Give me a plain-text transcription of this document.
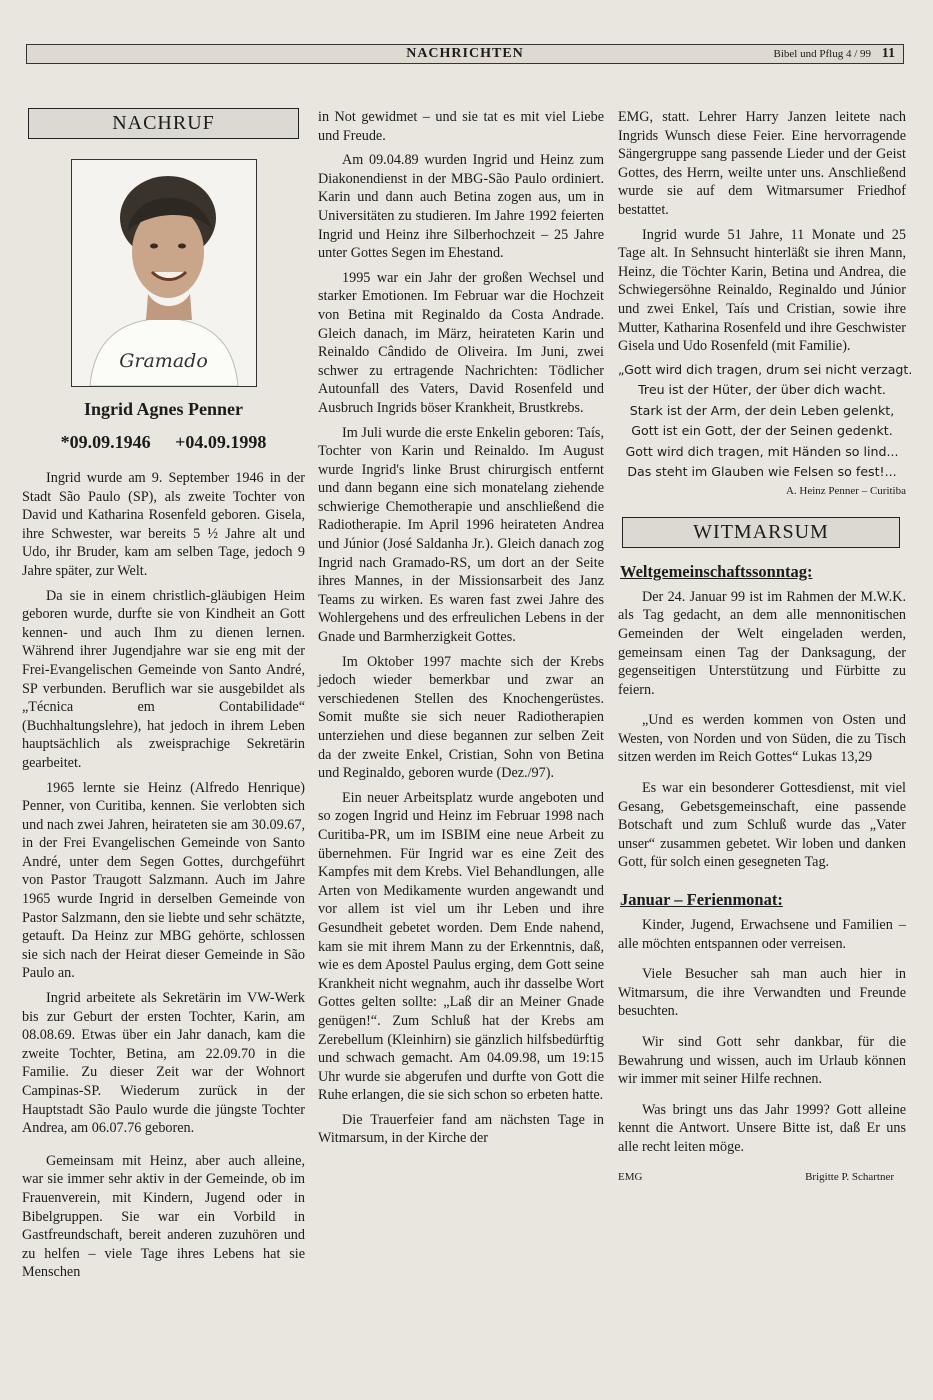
NACHRICHTEN	Bibel und Pflug 4 / 99 11
NACHRUF
Gramado
Ingrid Agnes Penner
*09.09.1946 +04.09.1998

Ingrid wurde am 9. September 1946 in der Stadt São Paulo (SP), als zweite Tochter von David und Katharina Rosenfeld geboren. Gisela, ihre Schwester, war bereits 5 ½ Jahre alt und Udo, ihr Bruder, kam am selben Tage, jedoch 9 Jahre später, zur Welt.

Da sie in einem christlich-gläubigen Heim geboren wurde, durfte sie von Kindheit an Gott kennen- und auch Ihm zu dienen lernen. Während ihrer Jugendjahre war sie eng mit der Frei-Evangelischen Gemeinde von Santo André, SP verbunden. Beruflich war sie ausgebildet als „Técnica em Contabilidade“ (Buchhaltungslehre), hat jedoch in ihrem Leben hauptsächlich als zweisprachige Sekretärin gearbeitet.

1965 lernte sie Heinz (Alfredo Henrique) Penner, von Curitiba, kennen. Sie verlobten sich und nach zwei Jahren, heirateten sie am 30.09.67, in der Frei Evangelischen Gemeinde von Santo André, unter dem Segen Gottes, durchgeführt von Pastor Traugott Salzmann. Auch im Jahre 1965 wurde Ingrid in derselben Gemeinde von Pastor Salzmann, den sie liebte und sehr schätzte, getauft. Da Heinz zur MBG gehörte, schlossen sie sich nach der Heirat dieser Gemeinde in São Paulo an.

Ingrid arbeitete als Sekretärin im VW-Werk bis zur Geburt der ersten Tochter, Karin, am 08.08.69. Etwas über ein Jahr danach, kam die zweite Tochter, Betina, am 22.09.70 in die Familie. Zu dieser Zeit war der Wohnort Campinas-SP. Wiederum zurück in der Hauptstadt São Paulo wurde die jüngste Tochter Andrea, am 06.07.76 geboren.

Gemeinsam mit Heinz, aber auch alleine, war sie immer sehr aktiv in der Gemeinde, ob im Frauenverein, mit Kindern, Jugend oder in Bibelgruppen. Sie war ein Vorbild in Gastfreundschaft, bereit anderen zuzuhören und zu helfen – viele Tage ihres Lebens hat sie Menschen

in Not gewidmet – und sie tat es mit viel Liebe und Freude.

Am 09.04.89 wurden Ingrid und Heinz zum Diakonendienst in der MBG-São Paulo ordiniert. Karin und dann auch Betina zogen aus, um in Universitäten zu studieren. Im Jahre 1992 feierten Ingrid und Heinz ihre Silberhochzeit – 25 Jahre unter Gottes Segen im Ehestand.

1995 war ein Jahr der großen Wechsel und starker Emotionen. Im Februar war die Hochzeit von Betina mit Reginaldo da Costa Andrade. Gleich danach, im März, heirateten Karin und Reinaldo Cândido de Oliveira. Im Juni, zwei schwer zu ertragende Nachrichten: Tödlicher Autounfall des Vaters, David Rosenfeld und Ausbruch Ingrids böser Krankheit, Brustkrebs.

Im Juli wurde die erste Enkelin geboren: Taís, Tochter von Karin und Reinaldo. Im August wurde Ingrid's linke Brust chirurgisch entfernt und dann begann eine sich monatelang ziehende schwierige Chemotherapie und anschließend die Radiotherapie. Im April 1996 heirateten Andrea und Júnior (José Saldanha Jr.). Gleich danach zog Ingrid nach Gramado-RS, um dort an der Seite ihres Mannes, in der Missionsarbeit des Janz Teams zu wirken. Es waren fast zwei Jahre des Wohlergehens und des erfreulichen Lebens in der Gnade und Barmherzigkeit Gottes.

Im Oktober 1997 machte sich der Krebs jedoch wieder bemerkbar und zwar an verschiedenen Stellen des Knochengerüstes. Somit mußte sie sich neuer Radiotherapien unterziehen und diese begannen zur selben Zeit da der zweite Enkel, Cristian, Sohn von Betina und Reginaldo, geboren wurde (Dez./97).

Ein neuer Arbeitsplatz wurde angeboten und so zogen Ingrid und Heinz im Februar 1998 nach Curitiba-PR, um im ISBIM eine neue Arbeit zu übernehmen. Für Ingrid war es eine Zeit des Kampfes mit dem Krebs. Viel Behandlungen, alle Arten von Medikamente wurden angewandt und vor allem ist viel um ihr Leben und ihre Gesundheit gebetet worden. Dem Ende nahend, kam sie mit ihrem Mann zu der Erkenntnis, daß, wie es dem Apostel Paulus erging, dem Gott seine Krankheit nicht wegnahm, auch ihr dasselbe Wort Gottes gelten sollte: „Laß dir an Meiner Gnade genügen!“. Zum Schluß hat der Krebs am Zerebellum (Kleinhirn) sie gänzlich hilfsbedürftig und schwach gemacht. Am 04.09.98, um 19:15 Uhr wurde sie abgerufen und durfte von Gott die Ruhe erlangen, die sie sich schon so erbeten hatte.

Die Trauerfeier fand am nächsten Tage in Witmarsum, in der Kirche der

EMG, statt. Lehrer Harry Janzen leitete nach Ingrids Wunsch diese Feier. Eine hervorragende Sängergruppe sang passende Lieder und der Geist Gottes, des Herrn, weilte unter uns. Anschließend wurde sie auf dem Witmarsumer Friedhof bestattet.

Ingrid wurde 51 Jahre, 11 Monate und 25 Tage alt. In Sehnsucht hinterläßt sie ihren Mann, Heinz, die Töchter Karin, Betina und Andrea, die Schwiegersöhne Reinaldo, Reginaldo und Júnior und zwei Enkel, Taís und Cristian, sowie ihre Mutter, Katharina Rosenfeld und ihre Geschwister Gisela und Udo Rosenfeld (mit Familie).

„Gott wird dich tragen, drum sei nicht verzagt.
Treu ist der Hüter, der über dich wacht.
Stark ist der Arm, der dein Leben gelenkt,
Gott ist ein Gott, der der Seinen gedenkt.
Gott wird dich tragen, mit Händen so lind...
Das steht im Glauben wie Felsen so fest!...
A. Heinz Penner – Curitiba
WITMARSUM
Weltgemeinschaftssonntag:

Der 24. Januar 99 ist im Rahmen der M.W.K. als Tag gedacht, an dem alle mennonitischen Gemeinden der Welt eingeladen werden, gemeinsam einen Tag der Danksagung, der gegenseitigen Unterstützung und Fürbitte zu feiern.

„Und es werden kommen von Osten und Westen, von Norden und von Süden, die zu Tisch sitzen werden im Reich Gottes“ Lukas 13,29

Es war ein besonderer Gottesdienst, mit viel Gesang, Gebetsgemeinschaft, eine passende Botschaft und zum Schluß wurde das „Vater unser“ zusammen gebetet. Wir loben und danken Gott, für solch einen gesegneten Tag.

Januar – Ferienmonat:

Kinder, Jugend, Erwachsene und Familien – alle möchten entspannen oder verreisen.

Viele Besucher sah man auch hier in Witmarsum, die ihre Verwandten und Freunde besuchten.

Wir sind Gott sehr dankbar, für die Bewahrung und wissen, auch im Urlaub können wir immer mit seiner Hilfe rechnen.

Was bringt uns das Jahr 1999? Gott alleine kennt die Antwort. Unsere Bitte ist, daß Er uns alle recht leiten möge.

EMG	Brigitte P. Schartner
